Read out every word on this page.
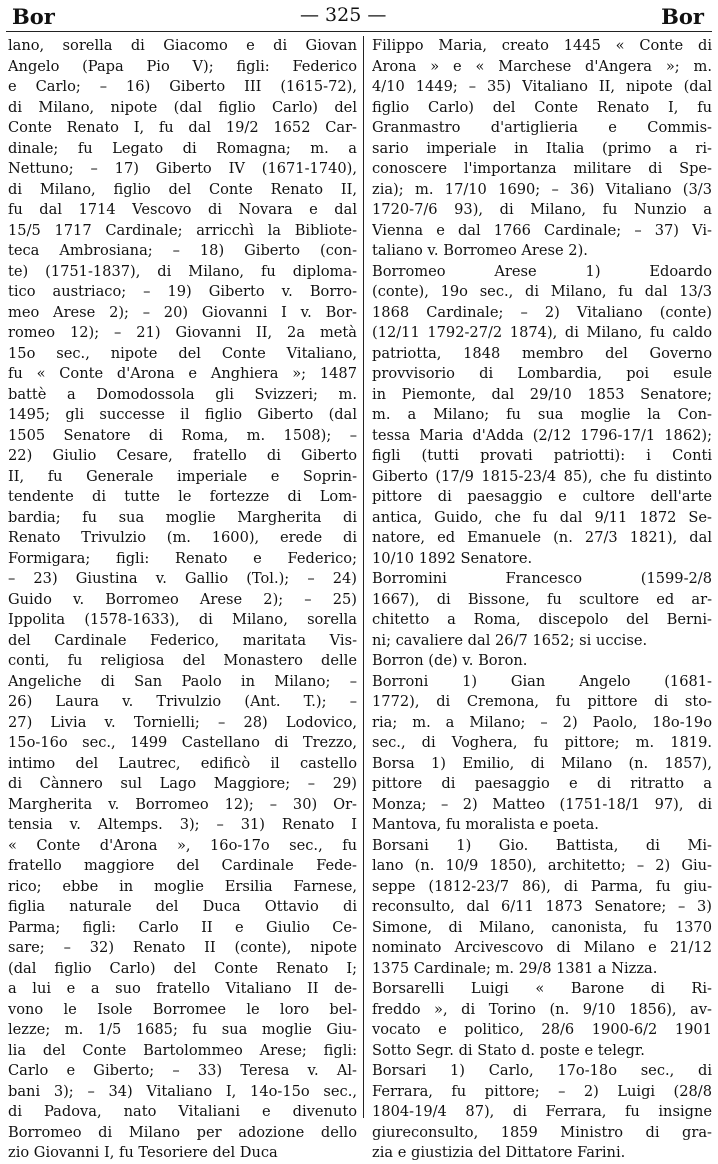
Bor	— 325 —	Bor
lano, sorella di Giacomo e di Giovan
Angelo (Papa Pio V); figli: Federico
e Carlo; – 16) Giberto III (1615-72),
di Milano, nipote (dal figlio Carlo) del
Conte Renato I, fu dal 19/2 1652 Car-
dinale; fu Legato di Romagna; m. a
Nettuno; – 17) Giberto IV (1671-1740),
di Milano, figlio del Conte Renato II,
fu dal 1714 Vescovo di Novara e dal
15/5 1717 Cardinale; arricchì la Bibliote-
teca Ambrosiana; – 18) Giberto (con-
te) (1751-1837), di Milano, fu diploma-
tico austriaco; – 19) Giberto v. Borro-
meo Arese 2); – 20) Giovanni I v. Bor-
romeo 12); – 21) Giovanni II, 2a metà
15o sec., nipote del Conte Vitaliano,
fu « Conte d'Arona e Anghiera »; 1487
battè a Domodossola gli Svizzeri; m.
1495; gli successe il figlio Giberto (dal
1505 Senatore di Roma, m. 1508); –
22) Giulio Cesare, fratello di Giberto
II, fu Generale imperiale e Soprin-
tendente di tutte le fortezze di Lom-
bardia; fu sua moglie Margherita di
Renato Trivulzio (m. 1600), erede di
Formigara; figli: Renato e Federico;
– 23) Giustina v. Gallio (Tol.); – 24)
Guido v. Borromeo Arese 2); – 25)
Ippolita (1578-1633), di Milano, sorella
del Cardinale Federico, maritata Vis-
conti, fu religiosa del Monastero delle
Angeliche di San Paolo in Milano; –
26) Laura v. Trivulzio (Ant. T.); –
27) Livia v. Tornielli; – 28) Lodovico,
15o-16o sec., 1499 Castellano di Trezzo,
intimo del Lautrec, edificò il castello
di Cànnero sul Lago Maggiore; – 29)
Margherita v. Borromeo 12); – 30) Or-
tensia v. Altemps. 3); – 31) Renato I
« Conte d'Arona », 16o-17o sec., fu
fratello maggiore del Cardinale Fede-
rico; ebbe in moglie Ersilia Farnese,
figlia naturale del Duca Ottavio di
Parma; figli: Carlo II e Giulio Ce-
sare; – 32) Renato II (conte), nipote
(dal figlio Carlo) del Conte Renato I;
a lui e a suo fratello Vitaliano II de-
vono le Isole Borromee le loro bel-
lezze; m. 1/5 1685; fu sua moglie Giu-
lia del Conte Bartolommeo Arese; figli:
Carlo e Giberto; – 33) Teresa v. Al-
bani 3); – 34) Vitaliano I, 14o-15o sec.,
di Padova, nato Vitaliani e divenuto
Borromeo di Milano per adozione dello
zio Giovanni I, fu Tesoriere del Duca
Filippo Maria, creato 1445 « Conte di
Arona » e « Marchese d'Angera »; m.
4/10 1449; – 35) Vitaliano II, nipote (dal
figlio Carlo) del Conte Renato I, fu
Granmastro d'artiglieria e Commis-
sario imperiale in Italia (primo a ri-
conoscere l'importanza militare di Spe-
zia); m. 17/10 1690; – 36) Vitaliano (3/3
1720-7/6 93), di Milano, fu Nunzio a
Vienna e dal 1766 Cardinale; – 37) Vi-
taliano v. Borromeo Arese 2).
Borromeo Arese 1) Edoardo
(conte), 19o sec., di Milano, fu dal 13/3
1868 Cardinale; – 2) Vitaliano (conte)
(12/11 1792-27/2 1874), di Milano, fu caldo
patriotta, 1848 membro del Governo
provvisorio di Lombardia, poi esule
in Piemonte, dal 29/10 1853 Senatore;
m. a Milano; fu sua moglie la Con-
tessa Maria d'Adda (2/12 1796-17/1 1862);
figli (tutti provati patriotti): i Conti
Giberto (17/9 1815-23/4 85), che fu distinto
pittore di paesaggio e cultore dell'arte
antica, Guido, che fu dal 9/11 1872 Se-
natore, ed Emanuele (n. 27/3 1821), dal
10/10 1892 Senatore.
Borromini Francesco (1599-2/8
1667), di Bissone, fu scultore ed ar-
chitetto a Roma, discepolo del Berni-
ni; cavaliere dal 26/7 1652; si uccise.
Borron (de) v. Boron.
Borroni 1) Gian Angelo (1681-
1772), di Cremona, fu pittore di sto-
ria; m. a Milano; – 2) Paolo, 18o-19o
sec., di Voghera, fu pittore; m. 1819.
Borsa 1) Emilio, di Milano (n. 1857),
pittore di paesaggio e di ritratto a
Monza; – 2) Matteo (1751-18/1 97), di
Mantova, fu moralista e poeta.
Borsani 1) Gio. Battista, di Mi-
lano (n. 10/9 1850), architetto; – 2) Giu-
seppe (1812-23/7 86), di Parma, fu giu-
reconsulto, dal 6/11 1873 Senatore; – 3)
Simone, di Milano, canonista, fu 1370
nominato Arcivescovo di Milano e 21/12
1375 Cardinale; m. 29/8 1381 a Nizza.
Borsarelli Luigi « Barone di Ri-
freddo », di Torino (n. 9/10 1856), av-
vocato e politico, 28/6 1900-6/2 1901
Sotto Segr. di Stato d. poste e telegr.
Borsari 1) Carlo, 17o-18o sec., di
Ferrara, fu pittore; – 2) Luigi (28/8
1804-19/4 87), di Ferrara, fu insigne
giureconsulto, 1859 Ministro di gra-
zia e giustizia del Dittatore Farini.
